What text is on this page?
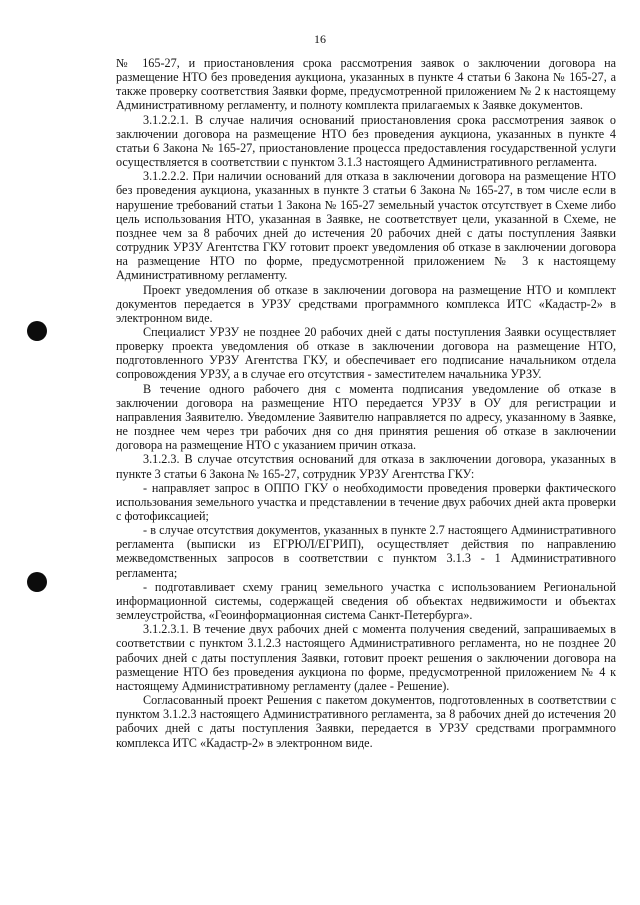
16

№ 165-27, и приостановления срока рассмотрения заявок о заключении договора на размещение НТО без проведения аукциона, указанных в пункте 4 статьи 6 Закона № 165-27, а также проверку соответствия Заявки форме, предусмотренной приложением № 2 к настоящему Административному регламенту, и полноту комплекта прилагаемых к Заявке документов.

3.1.2.2.1. В случае наличия оснований приостановления срока рассмотрения заявок о заключении договора на размещение НТО без проведения аукциона, указанных в пункте 4 статьи 6 Закона № 165-27, приостановление процесса предоставления государственной услуги осуществляется в соответствии с пунктом 3.1.3 настоящего Административного регламента.

3.1.2.2.2. При наличии оснований для отказа в заключении договора на размещение НТО без проведения аукциона, указанных в пункте 3 статьи 6 Закона № 165-27, в том числе если в нарушение требований статьи 1 Закона № 165-27 земельный участок отсутствует в Схеме либо цель использования НТО, указанная в Заявке, не соответствует цели, указанной в Схеме, не позднее чем за 8 рабочих дней до истечения 20 рабочих дней с даты поступления Заявки сотрудник УРЗУ Агентства ГКУ готовит проект уведомления об отказе в заключении договора на размещение НТО по форме, предусмотренной приложением № 3 к настоящему Административному регламенту.

Проект уведомления об отказе в заключении договора на размещение НТО и комплект документов передается в УРЗУ средствами программного комплекса ИТС «Кадастр-2» в электронном виде.

Специалист УРЗУ не позднее 20 рабочих дней с даты поступления Заявки осуществляет проверку проекта уведомления об отказе в заключении договора на размещение НТО, подготовленного УРЗУ Агентства ГКУ, и обеспечивает его подписание начальником отдела сопровождения УРЗУ, а в случае его отсутствия - заместителем начальника УРЗУ.

В течение одного рабочего дня с момента подписания уведомление об отказе в заключении договора на размещение НТО передается УРЗУ в ОУ для регистрации и направления Заявителю. Уведомление Заявителю направляется по адресу, указанному в Заявке, не позднее чем через три рабочих дня со дня принятия решения об отказе в заключении договора на размещение НТО с указанием причин отказа.

3.1.2.3. В случае отсутствия оснований для отказа в заключении договора, указанных в пункте 3 статьи 6 Закона № 165-27, сотрудник УРЗУ Агентства ГКУ:

- направляет запрос в ОППО ГКУ о необходимости проведения проверки фактического использования земельного участка и представлении в течение двух рабочих дней акта проверки с фотофиксацией;

- в случае отсутствия документов, указанных в пункте 2.7 настоящего Административного регламента (выписки из ЕГРЮЛ/ЕГРИП), осуществляет действия по направлению межведомственных запросов в соответствии с пунктом 3.1.3 - 1 Административного регламента;

- подготавливает схему границ земельного участка с использованием Региональной информационной системы, содержащей сведения об объектах недвижимости и объектах землеустройства, «Геоинформационная система Санкт-Петербурга».

3.1.2.3.1. В течение двух рабочих дней с момента получения сведений, запрашиваемых в соответствии с пунктом 3.1.2.3 настоящего Административного регламента, но не позднее 20 рабочих дней с даты поступления Заявки, готовит проект решения о заключении договора на размещение НТО без проведения аукциона по форме, предусмотренной приложением № 4 к настоящему Административному регламенту (далее - Решение).

Согласованный проект Решения с пакетом документов, подготовленных в соответствии с пунктом 3.1.2.3 настоящего Административного регламента, за 8 рабочих дней до истечения 20 рабочих дней с даты поступления Заявки, передается в УРЗУ средствами программного комплекса ИТС «Кадастр-2» в электронном виде.
